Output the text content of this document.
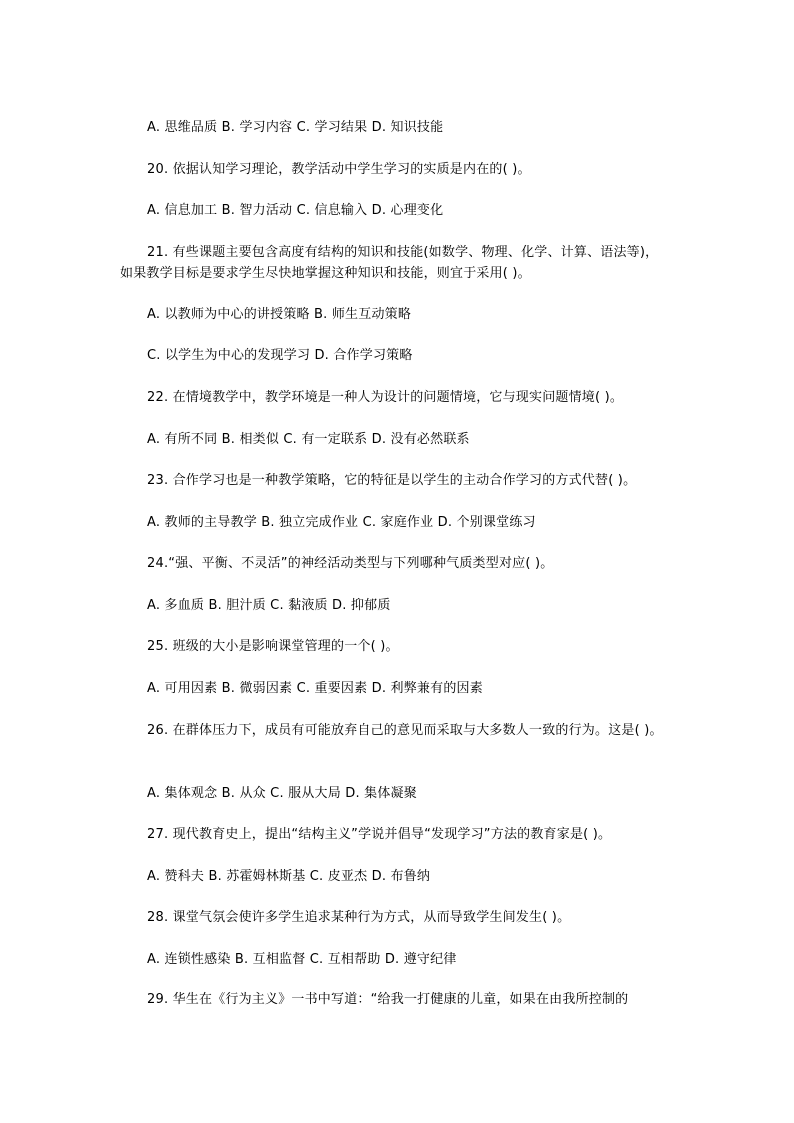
A. 思维品质 B. 学习内容 C. 学习结果 D. 知识技能
20. 依据认知学习理论，教学活动中学生学习的实质是内在的( )。
A. 信息加工 B. 智力活动 C. 信息输入 D. 心理变化
21. 有些课题主要包含高度有结构的知识和技能(如数学、物理、化学、计算、语法等)，
如果教学目标是要求学生尽快地掌握这种知识和技能，则宜于采用( )。
A. 以教师为中心的讲授策略 B. 师生互动策略
C. 以学生为中心的发现学习 D. 合作学习策略
22. 在情境教学中，教学环境是一种人为设计的问题情境，它与现实问题情境( )。
A. 有所不同 B. 相类似 C. 有一定联系 D. 没有必然联系
23. 合作学习也是一种教学策略，它的特征是以学生的主动合作学习的方式代替( )。
A. 教师的主导教学 B. 独立完成作业 C. 家庭作业 D. 个别课堂练习
24.“强、平衡、不灵活”的神经活动类型与下列哪种气质类型对应( )。
A. 多血质 B. 胆汁质 C. 黏液质 D. 抑郁质
25. 班级的大小是影响课堂管理的一个( )。
A. 可用因素 B. 微弱因素 C. 重要因素 D. 利弊兼有的因素
26. 在群体压力下，成员有可能放弃自己的意见而采取与大多数人一致的行为。这是( )。
A. 集体观念 B. 从众 C. 服从大局 D. 集体凝聚
27. 现代教育史上，提出“结构主义”学说并倡导“发现学习”方法的教育家是( )。
A. 赞科夫 B. 苏霍姆林斯基 C. 皮亚杰 D. 布鲁纳
28. 课堂气氛会使许多学生追求某种行为方式，从而导致学生间发生( )。
A. 连锁性感染 B. 互相监督 C. 互相帮助 D. 遵守纪律
29. 华生在《行为主义》一书中写道：“给我一打健康的儿童，如果在由我所控制的
